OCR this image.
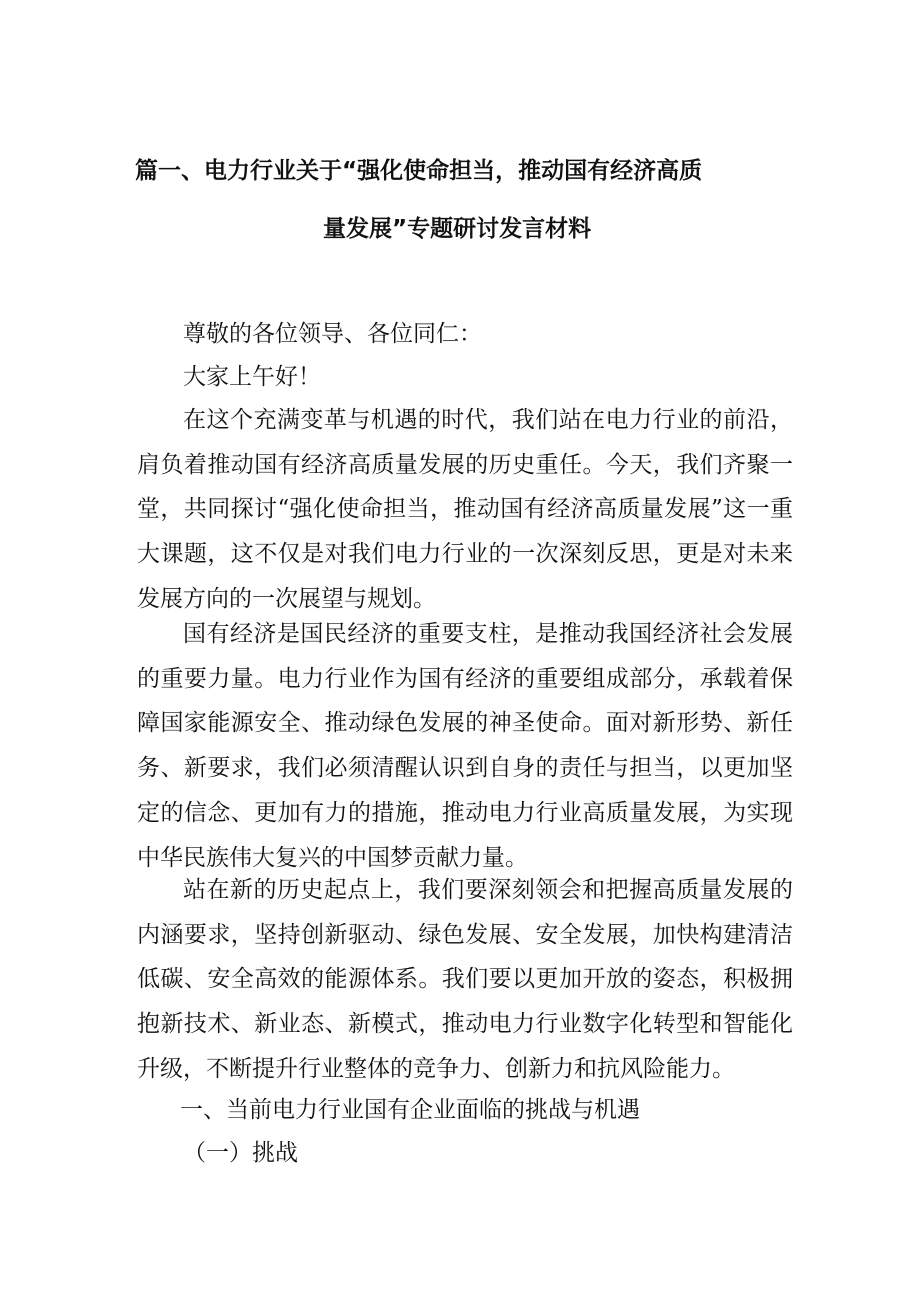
篇一、电力行业关于“强化使命担当，推动国有经济高质
量发展”专题研讨发言材料

尊敬的各位领导、各位同仁：

大家上午好！

在这个充满变革与机遇的时代，我们站在电力行业的前沿，肩负着推动国有经济高质量发展的历史重任。今天，我们齐聚一堂，共同探讨“强化使命担当，推动国有经济高质量发展”这一重大课题，这不仅是对我们电力行业的一次深刻反思，更是对未来发展方向的一次展望与规划。

国有经济是国民经济的重要支柱，是推动我国经济社会发展的重要力量。电力行业作为国有经济的重要组成部分，承载着保障国家能源安全、推动绿色发展的神圣使命。面对新形势、新任务、新要求，我们必须清醒认识到自身的责任与担当，以更加坚定的信念、更加有力的措施，推动电力行业高质量发展，为实现中华民族伟大复兴的中国梦贡献力量。

站在新的历史起点上，我们要深刻领会和把握高质量发展的内涵要求，坚持创新驱动、绿色发展、安全发展，加快构建清洁低碳、安全高效的能源体系。我们要以更加开放的姿态，积极拥抱新技术、新业态、新模式，推动电力行业数字化转型和智能化升级，不断提升行业整体的竞争力、创新力和抗风险能力。

一、当前电力行业国有企业面临的挑战与机遇

（一）挑战
